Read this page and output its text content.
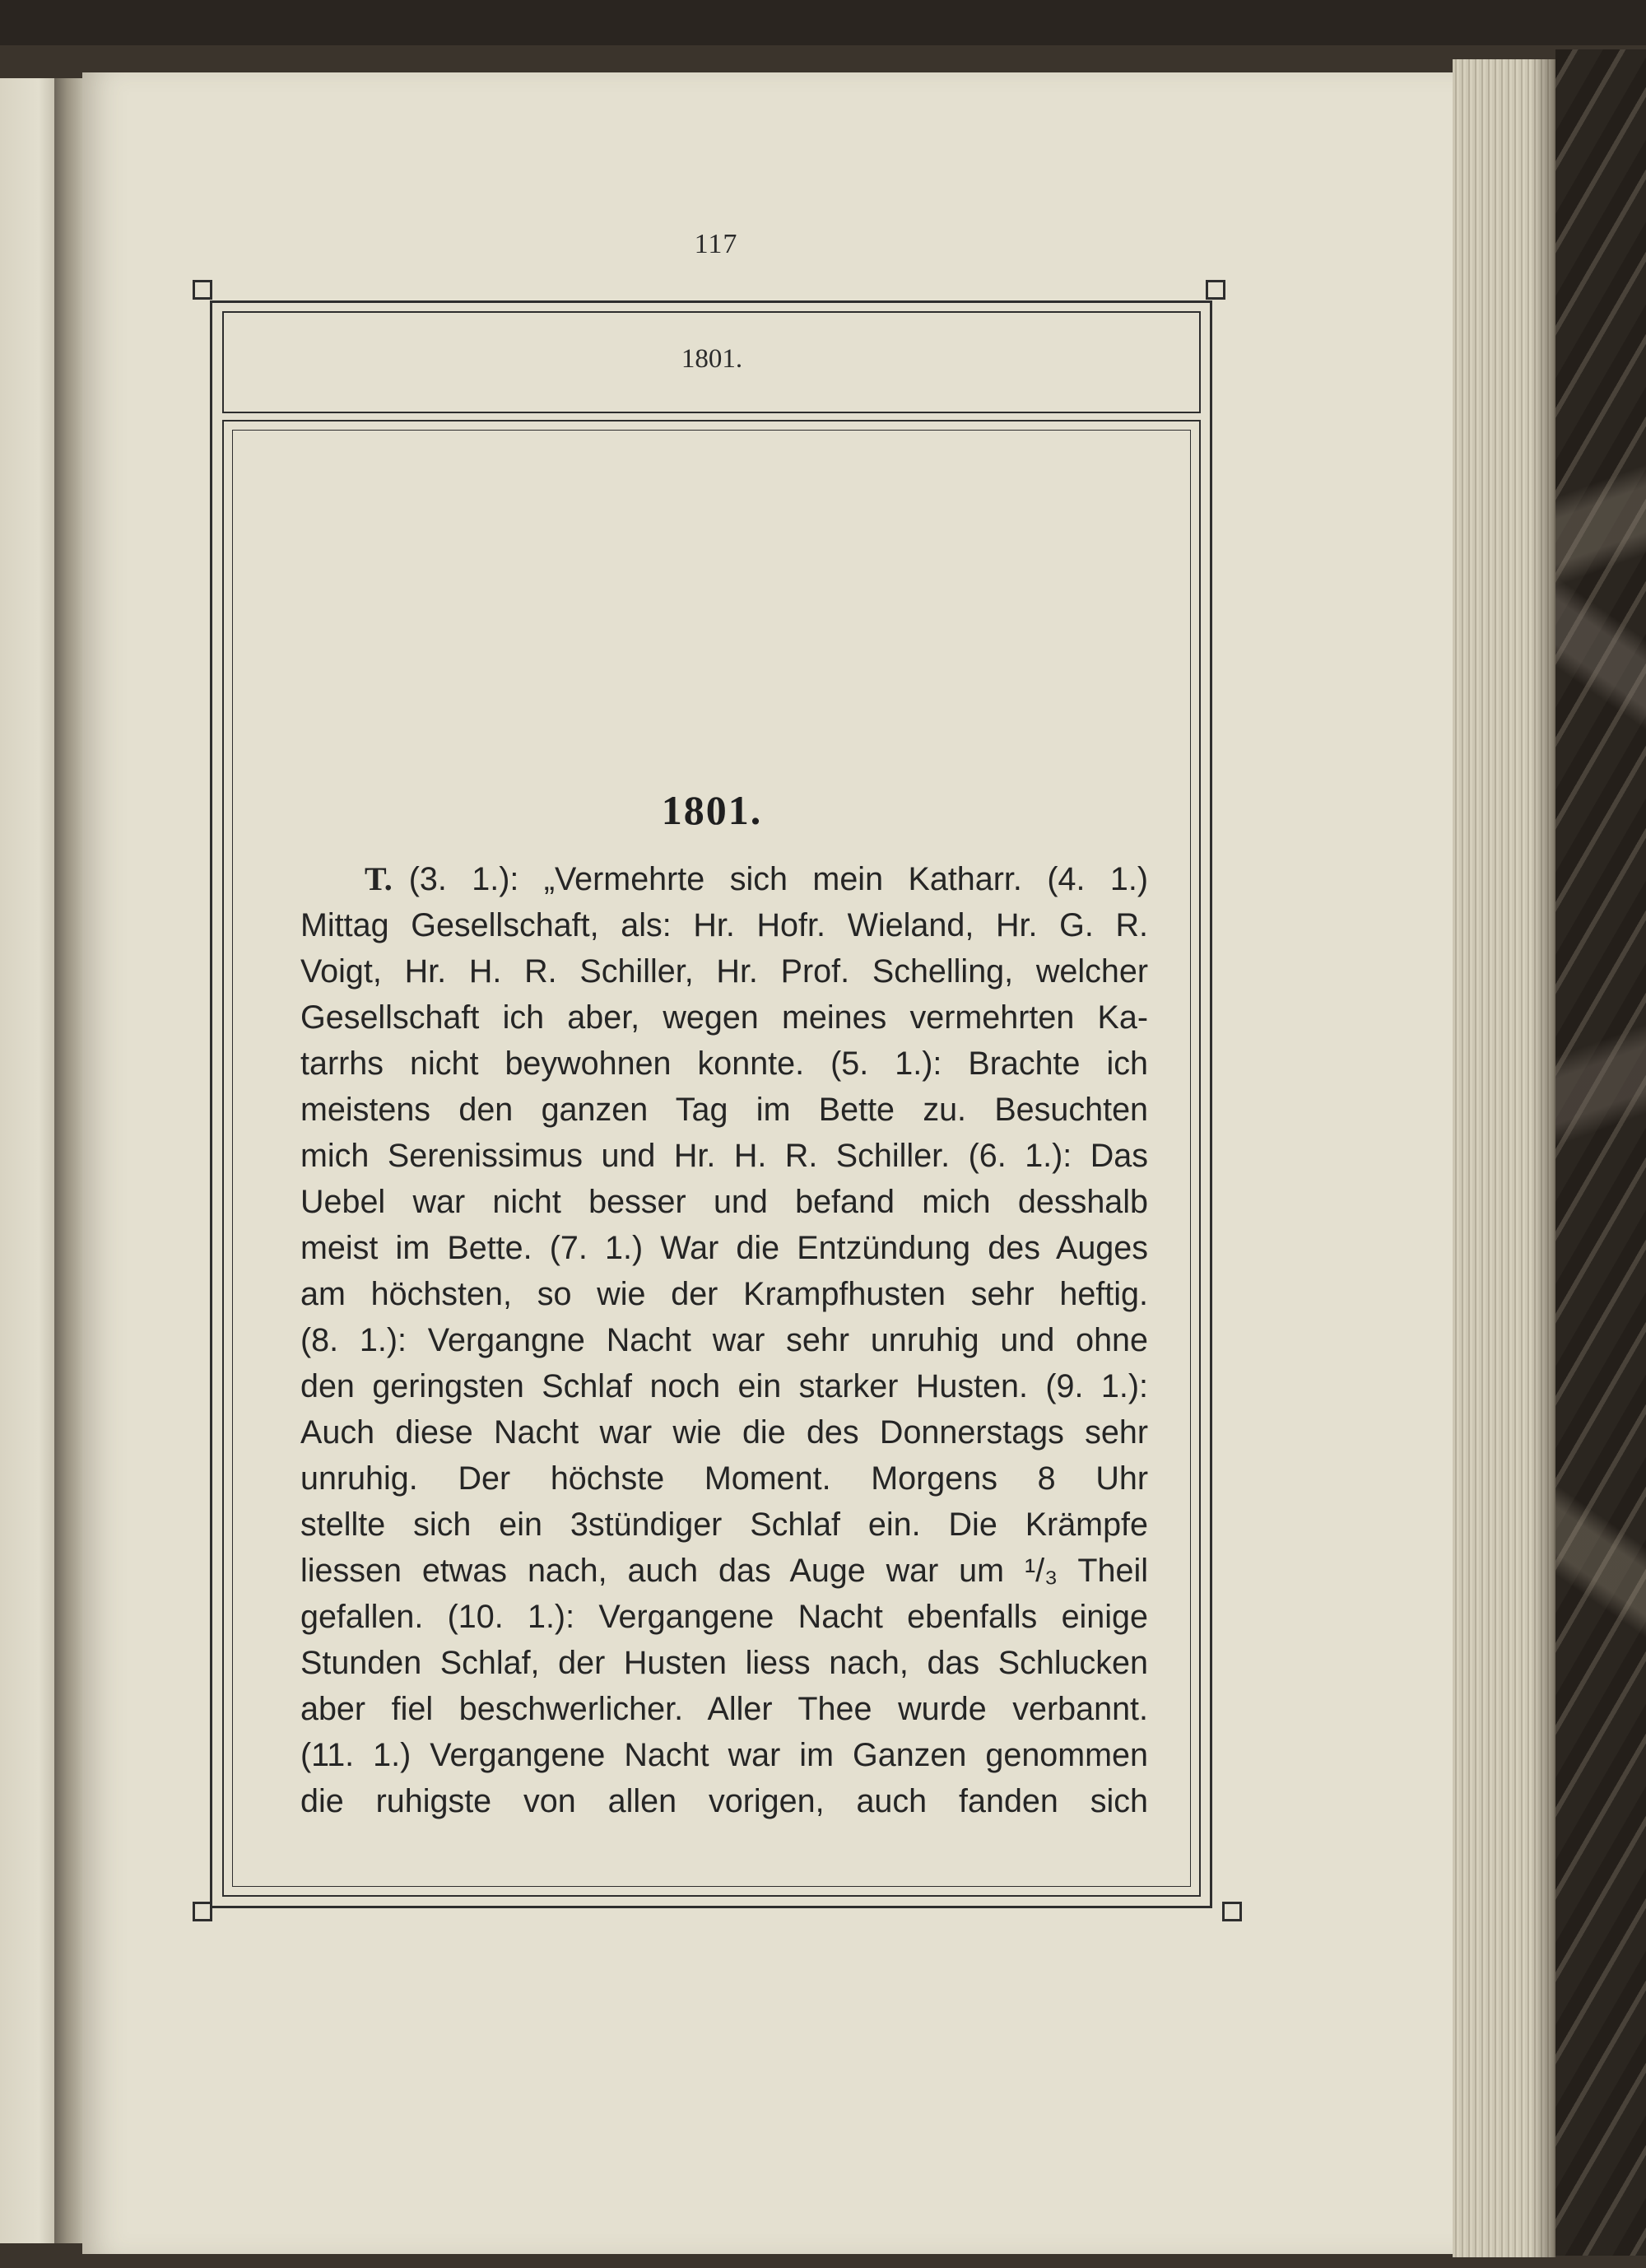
117
1801.
1801.
T. (3. 1.): „Vermehrte sich mein Katharr. (4. 1.)
Mittag Gesellschaft, als: Hr. Hofr. Wieland, Hr. G. R.
Voigt, Hr. H. R. Schiller, Hr. Prof. Schelling, welcher
Gesellschaft ich aber, wegen meines vermehrten Ka-
tarrhs nicht beywohnen konnte. (5. 1.): Brachte ich
meistens den ganzen Tag im Bette zu. Besuchten
mich Serenissimus und Hr. H. R. Schiller. (6. 1.): Das
Uebel war nicht besser und befand mich desshalb
meist im Bette. (7. 1.) War die Entzündung des Auges
am höchsten, so wie der Krampfhusten sehr heftig.
(8. 1.): Vergangne Nacht war sehr unruhig und ohne
den geringsten Schlaf noch ein starker Husten. (9. 1.):
Auch diese Nacht war wie die des Donnerstags sehr
unruhig. Der höchste Moment. Morgens 8 Uhr
stellte sich ein 3stündiger Schlaf ein. Die Krämpfe
liessen etwas nach, auch das Auge war um ¹/₃ Theil
gefallen. (10. 1.): Vergangene Nacht ebenfalls einige
Stunden Schlaf, der Husten liess nach, das Schlucken
aber fiel beschwerlicher. Aller Thee wurde verbannt.
(11. 1.) Vergangene Nacht war im Ganzen genommen
die ruhigste von allen vorigen, auch fanden sich
